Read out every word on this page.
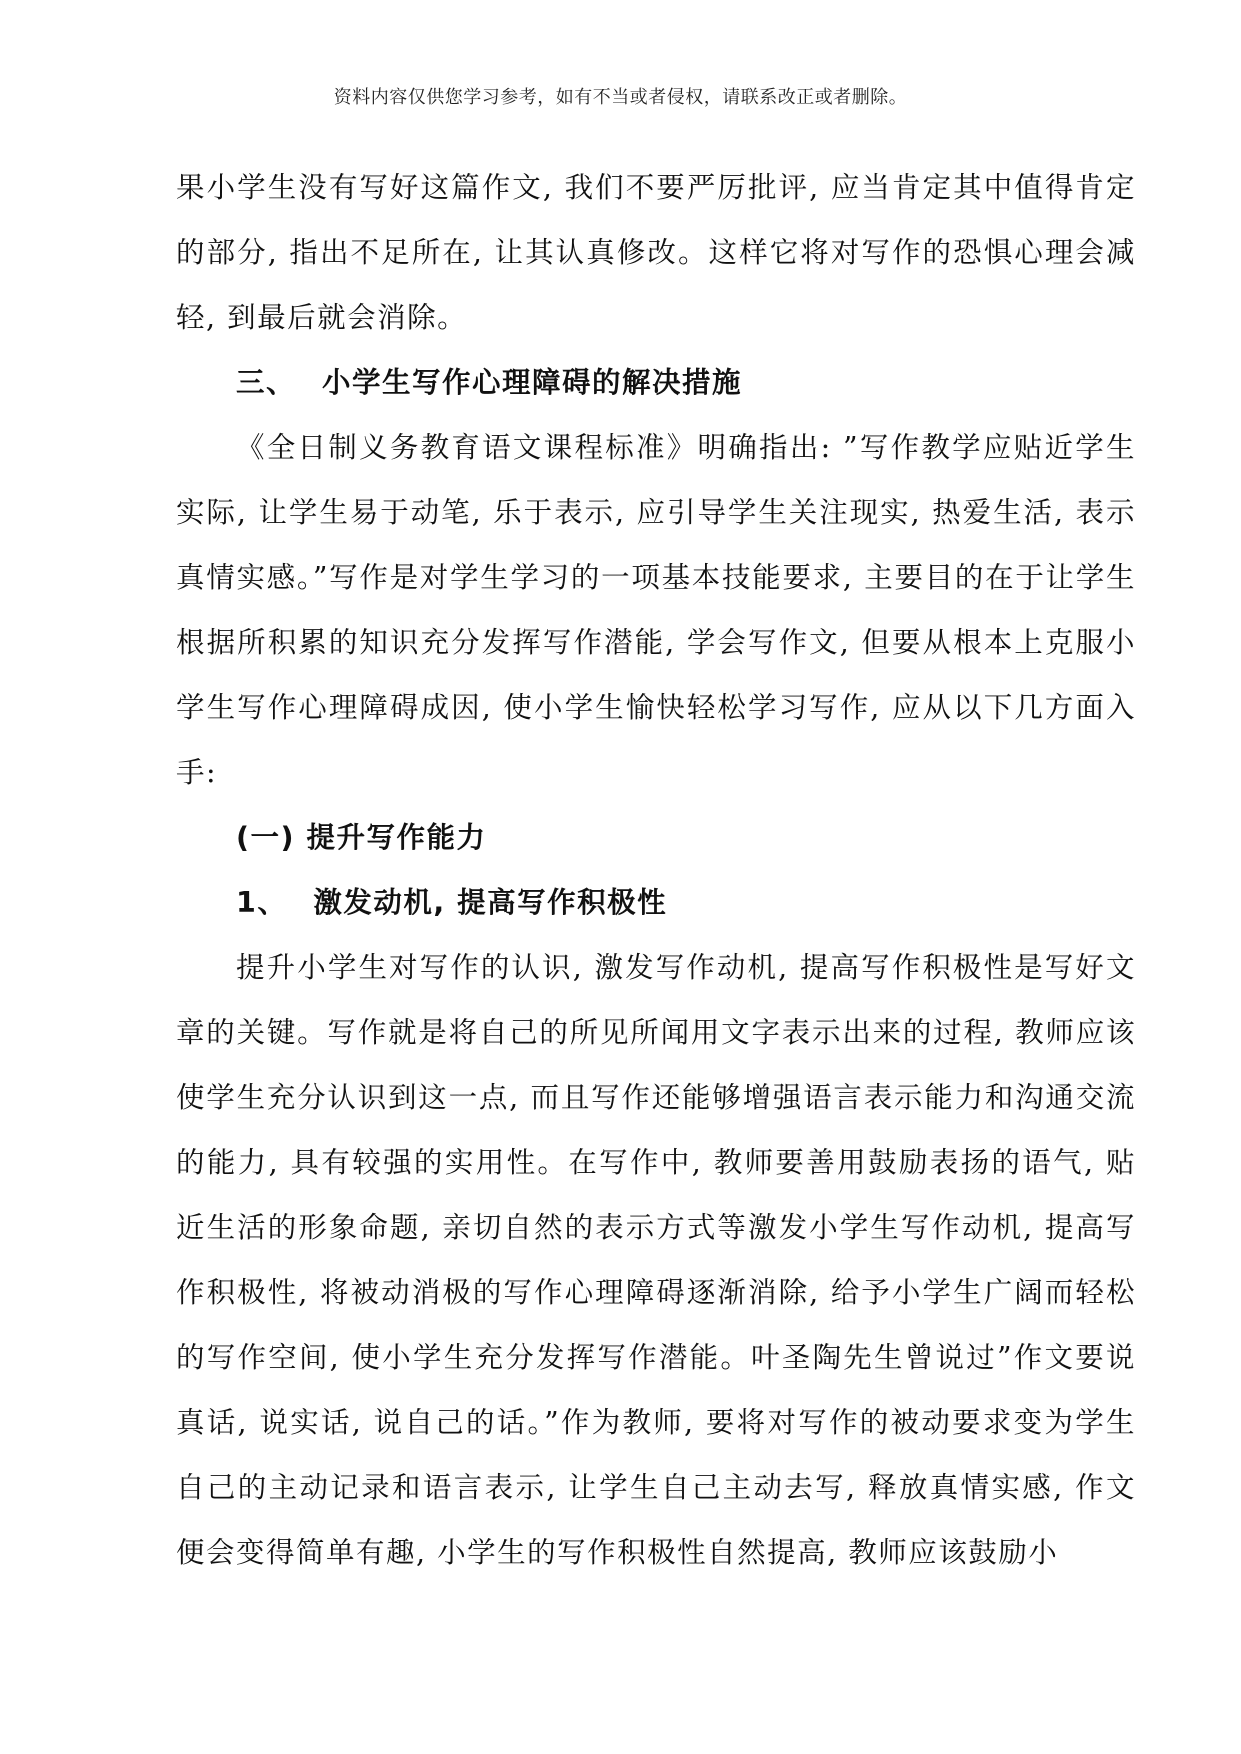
资料内容仅供您学习参考，如有不当或者侵权，请联系改正或者删除。

果小学生没有写好这篇作文, 我们不要严厉批评, 应当肯定其中值得肯定的部分, 指出不足所在, 让其认真修改。这样它将对写作的恐惧心理会减轻, 到最后就会消除。

三、 小学生写作心理障碍的解决措施

《全日制义务教育语文课程标准》明确指出: ”写作教学应贴近学生实际, 让学生易于动笔, 乐于表示, 应引导学生关注现实, 热爱生活, 表示真情实感。”写作是对学生学习的一项基本技能要求, 主要目的在于让学生根据所积累的知识充分发挥写作潜能, 学会写作文, 但要从根本上克服小学生写作心理障碍成因, 使小学生愉快轻松学习写作, 应从以下几方面入手:

(一) 提升写作能力
1、 激发动机, 提高写作积极性

提升小学生对写作的认识, 激发写作动机, 提高写作积极性是写好文章的关键。写作就是将自己的所见所闻用文字表示出来的过程, 教师应该使学生充分认识到这一点, 而且写作还能够增强语言表示能力和沟通交流的能力, 具有较强的实用性。在写作中, 教师要善用鼓励表扬的语气, 贴近生活的形象命题, 亲切自然的表示方式等激发小学生写作动机, 提高写作积极性, 将被动消极的写作心理障碍逐渐消除, 给予小学生广阔而轻松的写作空间, 使小学生充分发挥写作潜能。叶圣陶先生曾说过”作文要说真话, 说实话, 说自己的话。”作为教师, 要将对写作的被动要求变为学生自己的主动记录和语言表示, 让学生自己主动去写, 释放真情实感, 作文便会变得简单有趣, 小学生的写作积极性自然提高, 教师应该鼓励小
